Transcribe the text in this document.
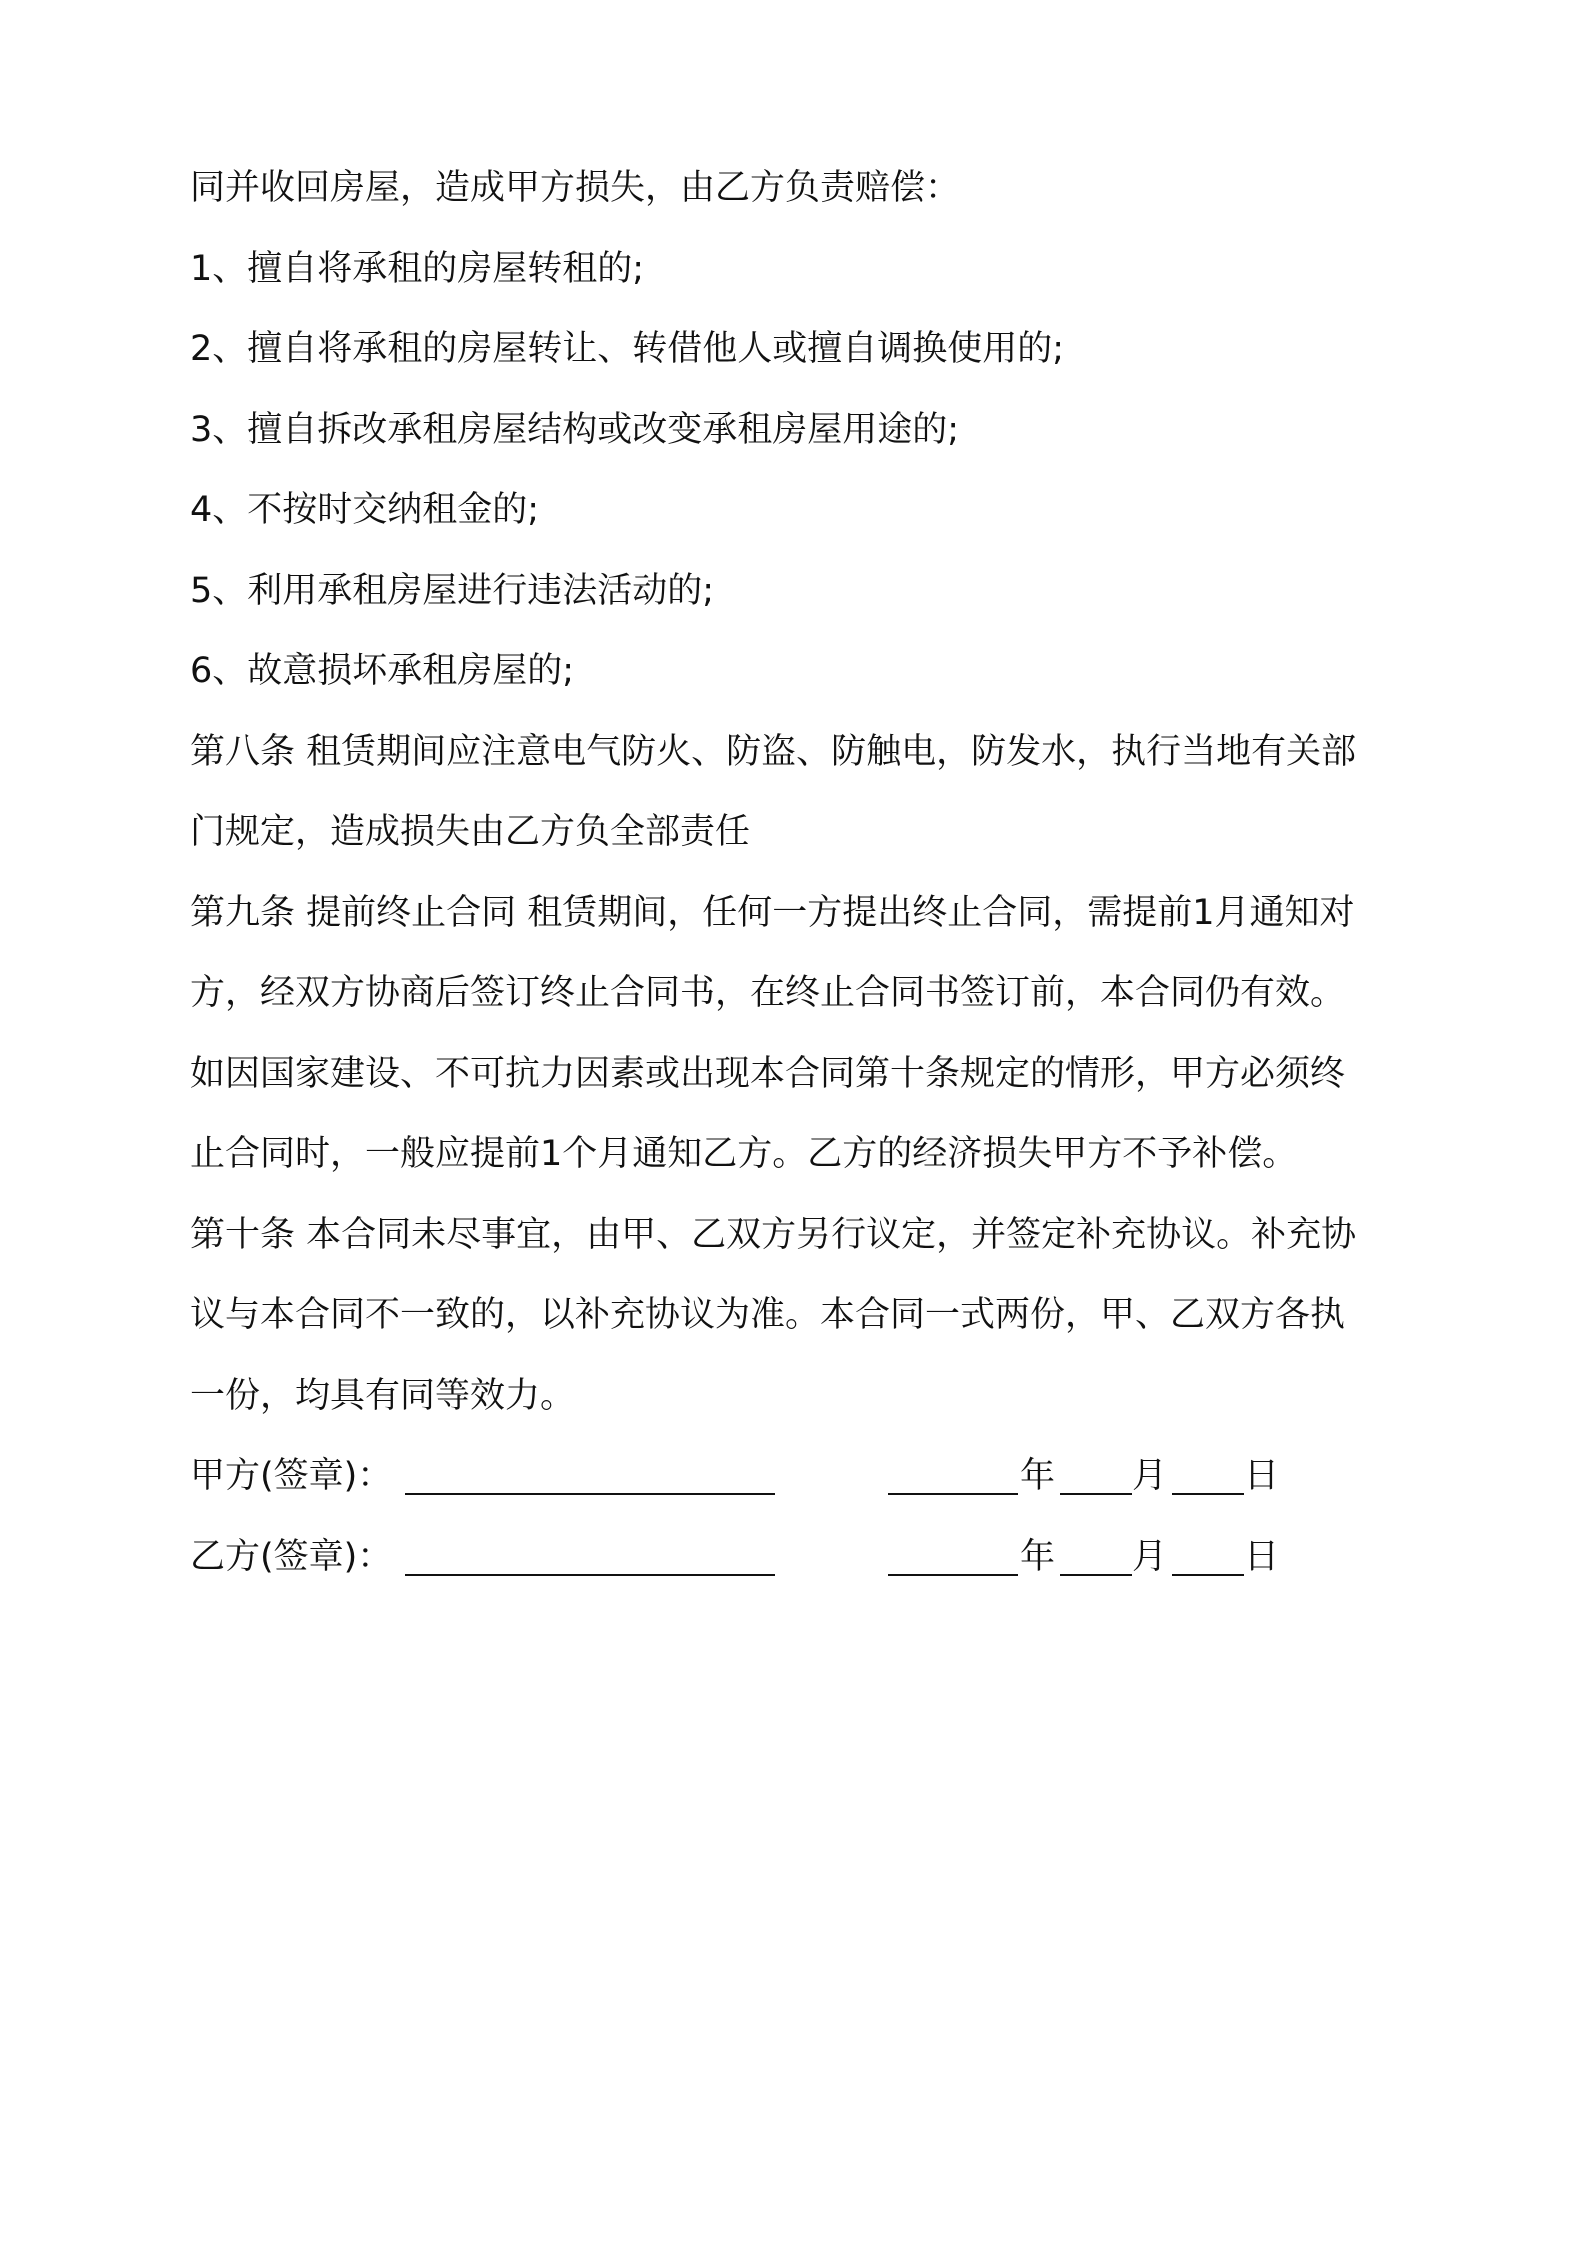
同并收回房屋，造成甲方损失，由乙方负责赔偿：
1、擅自将承租的房屋转租的;
2、擅自将承租的房屋转让、转借他人或擅自调换使用的;
3、擅自拆改承租房屋结构或改变承租房屋用途的;
4、不按时交纳租金的;
5、利用承租房屋进行违法活动的;
6、故意损坏承租房屋的;
第八条 租赁期间应注意电气防火、防盗、防触电，防发水，执行当地有关部
门规定，造成损失由乙方负全部责任
第九条 提前终止合同 租赁期间，任何一方提出终止合同，需提前1月通知对
方，经双方协商后签订终止合同书，在终止合同书签订前，本合同仍有效。
如因国家建设、不可抗力因素或出现本合同第十条规定的情形，甲方必须终
止合同时，一般应提前1个月通知乙方。乙方的经济损失甲方不予补偿。
第十条 本合同未尽事宜，由甲、乙双方另行议定，并签定补充协议。补充协
议与本合同不一致的，以补充协议为准。本合同一式两份，甲、乙双方各执
一份，均具有同等效力。
甲方(签章)：	年 月 日
乙方(签章)：	年 月 日
